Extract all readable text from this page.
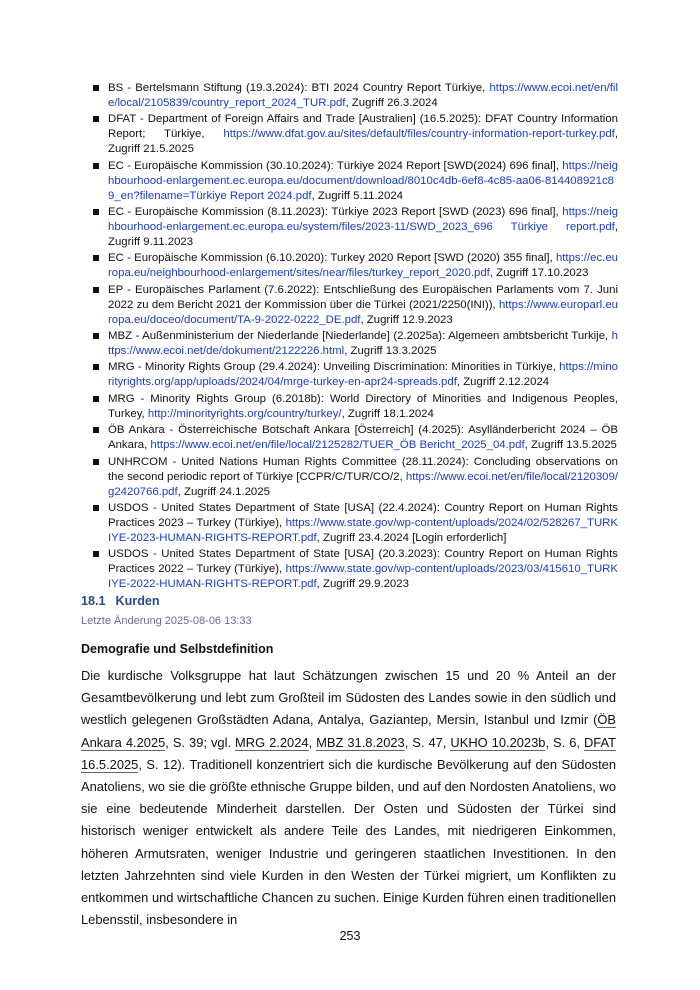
BS - Bertelsmann Stiftung (19.3.2024): BTI 2024 Country Report Türkiye, https://www.ecoi.net/en/file/local/2105839/country_report_2024_TUR.pdf, Zugriff 26.3.2024
DFAT - Department of Foreign Affairs and Trade [Australien] (16.5.2025): DFAT Country Information Report; Türkiye, https://www.dfat.gov.au/sites/default/files/country-information-report-turkey.pdf, Zugriff 21.5.2025
EC - Europäische Kommission (30.10.2024): Türkiye 2024 Report [SWD(2024) 696 final], https://neighbourhood-enlargement.ec.europa.eu/document/download/8010c4db-6ef8-4c85-aa06-814408921c89_en?filename=Türkiye Report 2024.pdf, Zugriff 5.11.2024
EC - Europäische Kommission (8.11.2023): Türkiye 2023 Report [SWD (2023) 696 final], https://neighbourhood-enlargement.ec.europa.eu/system/files/2023-11/SWD_2023_696 Türkiye report.pdf, Zugriff 9.11.2023
EC - Europäische Kommission (6.10.2020): Turkey 2020 Report [SWD (2020) 355 final], https://ec.europa.eu/neighbourhood-enlargement/sites/near/files/turkey_report_2020.pdf, Zugriff 17.10.2023
EP - Europäisches Parlament (7.6.2022): Entschließung des Europäischen Parlaments vom 7. Juni 2022 zu dem Bericht 2021 der Kommission über die Türkei (2021/2250(INI)), https://www.europarl.europa.eu/doceo/document/TA-9-2022-0222_DE.pdf, Zugriff 12.9.2023
MBZ - Außenministerium der Niederlande [Niederlande] (2.2025a): Algemeen ambtsbericht Turkije, https://www.ecoi.net/de/dokument/2122226.html, Zugriff 13.3.2025
MRG - Minority Rights Group (29.4.2024): Unveiling Discrimination: Minorities in Türkiye, https://minorityrights.org/app/uploads/2024/04/mrge-turkey-en-apr24-spreads.pdf, Zugriff 2.12.2024
MRG - Minority Rights Group (6.2018b): World Directory of Minorities and Indigenous Peoples, Turkey, http://minorityrights.org/country/turkey/, Zugriff 18.1.2024
ÖB Ankara - Österreichische Botschaft Ankara [Österreich] (4.2025): Asylländerbericht 2024 – ÖB Ankara, https://www.ecoi.net/en/file/local/2125282/TUER_ÖB Bericht_2025_04.pdf, Zugriff 13.5.2025
UNHRCOM - United Nations Human Rights Committee (28.11.2024): Concluding observations on the second periodic report of Türkiye [CCPR/C/TUR/CO/2, https://www.ecoi.net/en/file/local/2120309/g2420766.pdf, Zugriff 24.1.2025
USDOS - United States Department of State [USA] (22.4.2024): Country Report on Human Rights Practices 2023 – Turkey (Türkiye), https://www.state.gov/wp-content/uploads/2024/02/528267_TURKIYE-2023-HUMAN-RIGHTS-REPORT.pdf, Zugriff 23.4.2024 [Login erforderlich]
USDOS - United States Department of State [USA] (20.3.2023): Country Report on Human Rights Practices 2022 – Turkey (Türkiye), https://www.state.gov/wp-content/uploads/2023/03/415610_TURKIYE-2022-HUMAN-RIGHTS-REPORT.pdf, Zugriff 29.9.2023
18.1 Kurden
Letzte Änderung 2025-08-06 13:33
Demografie und Selbstdefinition

Die kurdische Volksgruppe hat laut Schätzungen zwischen 15 und 20 % Anteil an der Gesamtbevölkerung und lebt zum Großteil im Südosten des Landes sowie in den südlich und westlich gelegenen Großstädten Adana, Antalya, Gaziantep, Mersin, Istanbul und Izmir (ÖB Ankara 4.2025, S. 39; vgl. MRG 2.2024, MBZ 31.8.2023, S. 47, UKHO 10.2023b, S. 6, DFAT 16.5.2025, S. 12). Traditionell konzentriert sich die kurdische Bevölkerung auf den Südosten Anatoliens, wo sie die größte ethnische Gruppe bilden, und auf den Nordosten Anatoliens, wo sie eine bedeutende Minderheit darstellen. Der Osten und Südosten der Türkei sind historisch weniger entwickelt als andere Teile des Landes, mit niedrigeren Einkommen, höheren Armutsraten, weniger Industrie und geringeren staatlichen Investitionen. In den letzten Jahrzehnten sind viele Kurden in den Westen der Türkei migriert, um Konflikten zu entkommen und wirtschaftliche Chancen zu suchen. Einige Kurden führen einen traditionellen Lebensstil, insbesondere in

253
